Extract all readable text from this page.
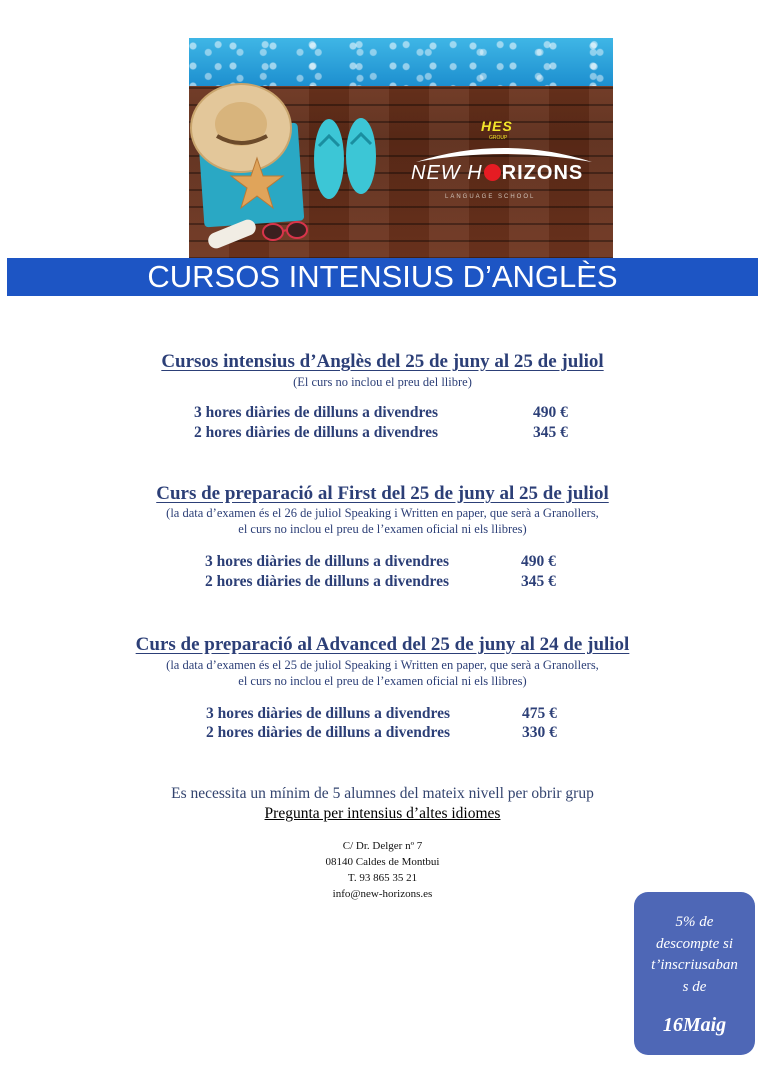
HES
GROUP
NEW H RIZONS
LANGUAGE SCHOOL
CURSOS INTENSIUS D’ANGLÈS
Cursos intensius d’Anglès del 25 de juny al 25 de juliol
(El curs no inclou el preu del llibre)
3 hores diàries de dilluns a divendres	490 €
2 hores diàries de dilluns a divendres	345 €
Curs de preparació al First del 25 de juny al 25 de juliol
(la data d’examen és el 26 de juliol Speaking i Written en paper, que serà a Granollers,
el curs no inclou el preu de l’examen oficial ni els llibres)
3 hores diàries de dilluns a divendres	490 €
2 hores diàries de dilluns a divendres	345 €
Curs de preparació al Advanced del 25 de juny al 24 de juliol
(la data d’examen és el 25 de juliol Speaking i Written en paper, que serà a Granollers,
el curs no inclou el preu de l’examen oficial ni els llibres)
3 hores diàries de dilluns a divendres	475 €
2 hores diàries de dilluns a divendres	330 €
Es necessita un mínim de 5 alumnes del mateix nivell per obrir grup
Pregunta per intensius d’altes idiomes
C/ Dr. Delger nº 7
08140 Caldes de Montbui
T. 93 865 35 21
info@new-horizons.es
5% de
descompte si
t’inscriusaban
s de
16Maig
